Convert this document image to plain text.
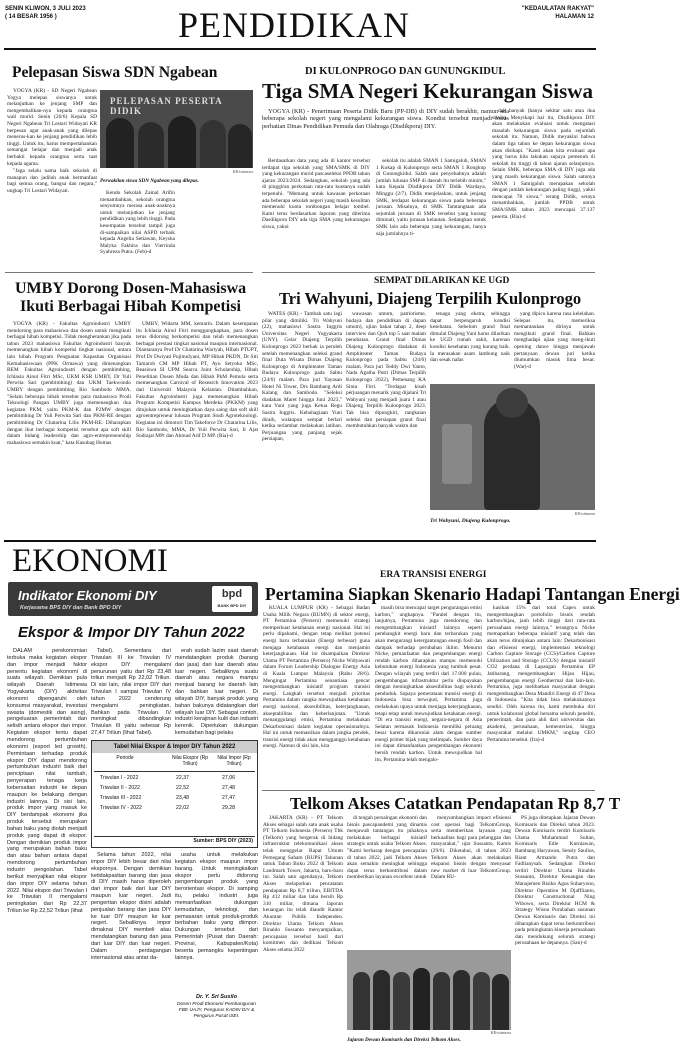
SENIN KLIWON, 3 JULI 2023
( 14 BESAR 1956 )	PENDIDIKAN	"KEDAULATAN RAKYAT"
HALAMAN 12
Pelepasan Siswa SDN Ngabean

YOGYA (KR) - SD Negeri Ngabean Yogya melepas siswanya untuk melanjutkan ke jenjang SMP dan mengembalikan-nya kepada orangtua wali murid. Senin (26/6) Kepala SD Negeri Ngabean Tri Lestari Widayati KR berpesan agar anak-anak yang dilepas menerus-kan ke jenjang pendidikan lebih tinggi. Untuk itu, harus mempertahankan semangat belajar dan menjadi anak berbakti kepada orangtua serta taat kepada agama.

"Jaga selalu nama baik sekolah di manapun dan jadilah anak bermanfaat bagi semua orang, bangsa dan negara," ungkap Tri Lestari Widayati.

PELEPASAN PESERTA DIDIK
KR-istimewa
Perwakilan siswa SDN Ngabean yang dilepas.

Kendo Sekolah Zainal Arifin menambahkan, sekolah orangtua senyumnya merasa anak-anaknya untuk melanjutkan ke jenjang pendidikan yang lebih tinggi. Pada kesempatan tersebut tampil juga di-sampaikan nilai ASPD terbaik kepada Angelia Setiawan, Keysha Malyka Fakhira dan Vierrinda Syahreza Putra. (Feb)-d

DI KULONPROGO DAN GUNUNGKIDUL
Tiga SMA Negeri Kekurangan Siswa

YOGYA (KR) - Penerimaan Peserta Didik Baru (PP-DB) di DIY sudah berakhir, namun ada beberapa sekolah negeri yang mengalami kekurangan siswa. Kondisi tersebut menjadi fokus perhatian Dinas Pendidikan Pemuda dan Olahraga (Disdikpora) DIY.

Berdasarkan data yang ada di kantor tersebut terdapat tiga sekolah yang SMA/SMK di DIY yang kekurangan murid pascaseleksi PPDB tahun ajaran 2023/2024. Sedangkan, sekolah yang ada di pinggiran perkotaan rata-rata kuotanya sudah terpenuhi. "Memang untuk kawasan perkotaan ada beberapa sekolah negeri yang masih kesulitan memenuhi kuota rombongan belajar tombel. Kami terus berdasarkan laporan yang diterima Dasdikpora DIY ada tiga SMA yang kekurangan siswa, yakni

sekolah itu adalah SMAN 1 Samigaluh, SMAN 1 Kokap di Kulonprogo serta SMAN 1 Rongkop di Gunungkidul. Salah satu penyebabnya adalah jumlah lulusan SMP di daerah itu terlebih minim," kata Kepala Disdikpora DIY Didik Wardaya, Minggu (2/7). Didik menjelaskan, untuk jenjang SMK, terdapat kekurangan siswa pada beberapa jurusan. Misalnya, di SMK Tamtangtaan ada sejumlah jurusan di SMK tersebut yang kurang diminati, yaitu jurusan kelautan. Sedangkan untuk SMK lain ada beberapa yang kekurangan, hanya saja jumlahnya ti-

dak banyak (hanya sekitar satu atau dua siswa). Menyikapi hal itu, Disdikpora DIY akan melakukan evaluasi untuk mengatasi masalah kekurangan siswa pada sejumlah sekolah itu. Namun, Didik meyakini bahwa dalam tiga tahun ke depan kekurangan siswa akan disikapi. "Kanti akan kita evaluasi apa yang harus kita lakukan supaya pemenuh di sekolah itu tinggi di tahun ajaran selanjutnya. Selain SMK, beberapa SMA di DIY juga ada yang masih kekurangan siswa. Salah satunya SMAN 1 Samigaluh merupakan sekolah dengan jumlah kekurangan paling tinggi, yakni mencapai 78 siswa," terang Didik, seraya menambahkan, jumlah PPDB untuk SMA/SMK tahun 2023 mencapai 37.137 peserta. (Ria)-d

UMBY Dorong Dosen-Mahasiswa
Ikuti Berbagai Hibah Kompetisi

YOGYA (KR) - Fakultas Agroindustri UMBY mendorong para mahasiswa dan dosen untuk mengikuti berbagai hibah kompetisi. Tidak mengherankan jika pada tahun 2023 mahasiswa Fakultas Agroindustri banyak memenangkan hibah kompetisi tingkat nasional, antara lain hibah Program Penguatan Kapasitas Organisasi Kemahasiswaan (PPK Ormawa) yang dimenangkan BEM Fakultas Agroindustri dengan pembimbing, Ichlasia Ainul Fitri MSc, UKM KSR UMBY, Dr Yuli Perwita Sari (pembimbing) dan UKM Taekwondo UMBY dengan pembimbing Rio Sambodo MMA. "Selain beberapa hibah tersebut para mahasiswa Prodi Teknologi Pangan UMBY juga memenangkan dua kegiatan PKM, yaitu PKM-K dan P2MW dengan pembimbing Dr Yuli Perwita Sari dan PKM-RE dengan pembimbing Dr Chatarina Lilis PKM-RE. Diharapkan dengan ikut berbagai kompetisi tersebut apa soft skill dalam bidang leadership dan agro-entrepreneurship mahasiswa semakin kuat," kata Kasubag Humas

UMBY, Widarta MM, kemarin. Dalam kesempatan itu Ichlasia Ainul Fitri menggungkapkan, para dosen terus didorong berkompetisi dan telah memenangkan berbagai prestasi tingkat nasional maupun internasional. Diantaranya Prof Dr Chatarina Wariyah, Hibah PTUPT, Prof Dr Dwiyati Pujimulyani, MP Hibah PKDN, Dr Siti Tamaroh CM MP Hibah PT, Ayu Setyoko MSc, Beasiswa SI UPM Searca Joint Scholarship, Hibah Penelitian Dosen Muda dan Hibah PkM Pemula serta memenangkan Carnival of Research Innovation 2023 dari Universiti Malaysia Kelantan. Ditambahkan, Fakultas Agroindustri juga memenangkan Hibah Program Kompetisi Kampus Merdeka (PKKM) yang ditujukan untuk meningkatkan daya saing dan soft skill agroentrepreneur lulusan Program Studi Agroteknologi. Kegiatan ini dimotori Tim Takeforce Dr Chatarina Lilis, Rio Sambodo, MMA, Dr Yuli Perwita Sari, Ir Ajat Sudrajat MPt dan Ahmad Arif D MP. (Ria)-d

SEMPAT DILARIKAN KE UGD
Tri Wahyuni, Diajeng Terpilih Kulonprogo

WATES (KR) - Tambah satu lagi pilar yang dimiliki. Tri Wahyuni (22), mahasiswi Sastra Inggris Universitas Negeri Yogyakarta (UNY). Gelar Diajeng Terpilih Kulonprogo 2023 berhak ia peroleh setelah memenangkan seleksi grand final Duta Wisata Dimas Diajeng Kulonprogo di Amphiteater Taman Budaya Kulonprogo pada Sabtu (24/6) malam. Para juri Yayasan Hotel Ni Tower, Drs Bambang Ardi Kalang dan Sambodo. "Seleksi diadakan Maret hingga Juni 2023," kata Yuni yang juga Ketua Regu Sastra Inggris. Kebahagiaan Yuni diraih, walaupun sempat berlari ketika terlambat melakukan latihan. Perjuangan yang panjang sejak persiapan,

wawasan umum, patriotisme, budaya dan pendidikan di dapan umum), ujian bakat tahap 2, deep interview dan QnA top 5 saat malam penobatan. Grand final Dimas Diajeng Kulonprogo diadakan di Amphiteater Taman Budaya Kulonprogo pada Sabtu (24/6) malam. Para juri Teddy Dwi Yanto, Nada Agatha Putri (Dimas Terpilih Kulonprogo 2022), Pemenang KA Sinta Fitri. "Terdapat kisah perjuangan menarik yang dijalani Tri Wahyuni yang menjadi juara 1 atau Diajeng Terpilih Kulonprogo 2023. Tak bisa dipungkiri, rangkaian seleksi dan persiapan grand final membutuhkan banyak waktu dan

tenaga yang ekstra, sehingga dapat berpengaruh kondisi kesehatan. Sebelum grand final dimulai Diajeng Yuni harus dilarikan ke UGD rumah sakit, karenan kondisi kesehatan yang kurang baik. Ia merasakan asam lambung naik dan sesak nafas

yang dipicu karena rasa kelelahan. Selepas itu, memeriksa memantaukan dirinya untuk mengikuti grand final. Bahkan menghadapi ujian yang meng-ikuti opening dance hingga menjawab pertanyaan dewan juri ketika diumumkan masuk lima besar. (War)-d

KR-istimewa
Tri Wahyuni, Diajeng Kulonprogo.
EKONOMI
Indikator Ekonomi DIY
Kerjasama BPS DIY dan Bank BPD DIY
bpd
BANK BPD DIY
Ekspor & Impor DIY Tahun 2022

DALAM perekonomian terbuka maka kegiatan ekspor dan impor menjadi faktor penentu kegiatan ekonomi di suatu wilayah. Demikian pula wilayah Daerah Istimewa Yogyakarta (DIY) aktivitas ekonomi dipengaruhi oleh konsumsi masyarakat, investasi swasta (domestik dan asing), pengeluaran pemerintah dan selisih antara ekspor dan impor. Kegiatan ekspor tentu dapat mendorong pertumbuhan ekonomi (export led growth). Permintaan terhadap produk ekspor DIY dapat mendorong pertumbuhan industri baik dari penciptaan nilai tambah, penyerapan tenaga kerja kebersaitan industri ke depan maupun ke belakang dengan industri lainnya. Di sisi lain, produk impor yang masuk ke DIY berdampak ekonomi jika produk tersebut merupakan bahan baku yang diolah menjadi produk yang dapat di ekspor. Dengan demikian produk impor yang merupakan bahan baku dan atau bahan antara dapat mendorong pertumbuhan industri pengolahan. Tabel berikut menyajikan nilai ekspor dan impor DIY selama tahun 2022. Nilai ekspor dari Triwulan I ke Triwulan II mengalami peningkatan dari Rp 22,37 Triliun ke Rp 22,52 Triliun (lihat

Tabel). Sementara dari Triwulan III ke Triwulan IV ekspor DIY mengalami penurunan yaitu dari Rp 23,48 triliun menjadi Rp 22,02 Triliun. Di sisi lain, nilai impor DIY dari Triwulan I sampai Triwulan IV tahun 2022 cenderung mengalami peningkatan. Bahkan pada Triwulan IV meningkat dibandingkan Triwulan III yaitu sebesar Rp 27,47 Triliun (lihat Tabel).

erah sudah lazim saat daerah mendatangkan produk (barang dan jasa) dari luar daerah atau luar negeri. Sebaliknya suatu daerah atau negara mampu menjual barang ke daerah lain dan bahkan luar negeri. Di wilayah DIY, banyak produk yang bahan bakunya didatangkan dari wilayah luar DIY. Sebagai contoh, industri kerajinan kulit dan industri kerenik. Diperlukan dukungan kemudahan bagi pelaku

Tabel Nilai Ekspor & Impor DIY Tahun 2022
Periode	Nilai Ekspor (Rp Triliun)
Nilai Impor (Rp Triliun)
Triwulan I - 2022	22,37	27,06
Triwulan II - 2022	22,52	27,48
Triwulan III - 2022	23,48	27,47
Triwulan IV - 2022	22,02	29,28
Sumber: BPS DIY (2023)

Selama tahun 2022, nilai impor DIY lebih besar dari nilai ekspornya. Dengan demikian ketidakpastian barang dan jasa di DIY masih harus diperoleh dari impor baik dari luar DIY maupun luar negeri. Jadi pengertian ekspor disini adalah penjualan barang dan jasa DIY ke luar DIY maupun ke luar negeri. Sebaliknya impor dimaknai DIY membeli atau mendatangkan barang dan jasa dari luar DIY dan luar negeri. Dalam perdagangan internasional atau antar da-

usaha untuk melakukan kegiatan ekspor maupun impor barang. Untuk meningkatkan ekspor perlu didorong pengembangan produk yang berorientasi ekspor. Di samping itu, pelaku industri juga memanfaatkan dukungan kemudahan, teknologi, dan pemasaran untuk produk-produk berbahan baku yang diimpor. Dukungan tersebut dari Pemerintah (Pusat dan Daerah: Provinsi, Kabupaten/Kota) beserta pemangku kepentingan lainnya.

Dr. Y. Sri Susilo
Dosen Prodi Ekonomi Pembangunan FBE UAJY, Pengurus KADIN DIY & Pengurus Pusat ISEI.
ERA TRANSISI ENERGI
Pertamina Siapkan Skenario Hadapi Tantangan Energi

KUALA LUMPUR (KR) - Sebagai Badan Usaha Milik Negara (BUMN) di sektor energi, PT Pertamina (Persero) memenuhi strategi memperkuat ketahanan energi nasional. Hal ini perlu dipahami, dengan tetap melihat potensi energi baru terbarukan (Energi terbesar) guna menjaga ketahanan energi dan menjamin keterjangkauan. Hal ini disampaikan Direktur Utama PT Pertamina (Persero) Nicke Widyawati dalam Forum Leadership Dialogue Energy Asia di Kuala Lumpur Malaysia (Rabu 28/6). Mengingat Pertamina senantiasa gencar mengembangkan inisiatif program transisi energi. Langkah tersebut menjadi prioritas Pertamina dalam rangka mewujudkan ketahanan energi nasional, aksesibilitas, keterjangkauan, akseptabilitas dan keberlanjutan. "Untuk menanggulangi emisi, Pertamina melakukan Dekarbonisasi dalam kegiatan operasionalnya. Hal ini untuk memastikan dalam jangka pendek, transisi energi tidak akan mengganggu ketahanan energi. Namun di sisi lain, kita

masih bisa mencapai target pengurangan emisi karbon," ungkapnya. "Paralel dengan itu, lanjutnya, Pertamina juga mendorong dan mengembangkan inisiatif lainnya seperti pembangkit energi baru dan terbarukan yang akan mengurangi ketergantungan energi fosil dan dampak terhadap perubahan iklim. Menurut Nicke, pemanfaatan dan pengembangan energi rendah karbon diharapkan mampu memenuhi kebutuhan energi Indonesia yang tumbuh pesat. Dengan wilayah yang terdiri dari 17.000 pulau, pengembangan infrastruktur perlu diupayakan dengan meningkatkan aksesibilitas bagi seluruh penduduk. Supaya pemerataan transisi energi di Indonesia bisa terwujud, Pertamina juga melakukan upaya untuk menjaga keterjangkauan, tetapi tetap untuk mewujudkan ketahanan energi. "Di era transisi energi, negara-negara di Asia Selatan termasuk Indonesia memiliki peluang besar karena dikaruniai alam dengan sumber energi primer bijak yang melimpah. Sumber daya ini dapat dimanfaatkan pengembangan ekonomi bersih rendah karbon. Untuk mewujudkan hal itu, Pertamina telah mengalo-

kasikan 15% dari total Capex untuk mengembangkan portofolio bisnis rendah karbon/hijau, jauh lebih tinggi dari rata-rata perusahaan energi lainnya," terangnya. Nicke memaparkan beberapa inisiatif yang telah dan akan terus ditunjukan antara lain: Dekarbonisasi dan efisiensi energi, implementasi teknologi Carbon Capture Storage (CCS)/Carbon Capture Utilization and Storage (CCUS) dengan inisiatif CO2 perdana di Lapangan Pertamina EP Jatibarang, mengembangkan Hijau Hijau, pengembangan energi Geothermal dan lain-lain. Pertamina, juga melibatkan masyarakat dengan mengembangkan Desa Mandiri Energi di 47 Desa di Indonesia. "Kita tidak bisa melakukannya sendiri. Oleh karena itu, kami membuka diri untuk kolaborasi global bersama seluruh peneliti, pemerintah, dan para ahli dari universitas dan akademi, perusahaan, kementerian, hingga masyarakat melalui UMKM," ungkap CEO Pertamina tersebut. (Ira)-d

Telkom Akses Catatkan Pendapatan Rp 8,7 T

JAKARTA (KR) - PT Telkom Akses sebagai salah satu anak usaha PT Telkom Indonesia (Persero) Tbk (Telkom) yang bergerak di bidang infrastruktur telekomunikasi akses telah menggelar Rapat Umum Pemegang Saham (RUPS) Tahunan untuk Tahun Buku 2022 di Telkom Landmark Tower, Jakarta, baru-baru ini. Salah satu agendanya, Telkom Akses melaporkan pencatatan pendapatan Rp 8,7 triliun, EBITDA Rp 412 miliar dan laba bersih Rp 310 miliar, dimana laporan keuangan itu telah diaudit Kantor Akuntan Publik Independen. Direktur Utama Telkom Akses Rinaldo Sussanto menyampaikan, pencapaian tersebut hasil dari komitmen dan dedikasi Telkom Akses selama 2022

di tengah persaingan ekonomi dan bisnis pascapandemi yang dinamis menjawab tantangan itu pihaknya melakukan berbagai inisiatif strategis untuk usaha Telkom Akses. "Kami berharap dengan pencapaian di tahun 2022, jadi Telkom Akses akan semakin meningkat sehingga dapat terus berkontribusi dalam memberikan layanan excellent untuk

menyumbangkan impact efisiensi cost operasi bagi TelkomGroup, serta memberikan layanan yang berkualitas bagi para pelanggan dan masyarakat," ujar Sussanto, Kamis (29/6). Diketahui, di tahun 2023 Telkom Akses akan melakukan ekspansi bisnis dengan menyasar new market di luar TelkomGroup. Dalam RU-

PS juga ditetapkan Jajaran Dewan Komisaris dan Direksi tahun 2023. Dewan Komisaris terdiri Komisaris Utama Muhammad Sultan, Komisaris Edie Kurniawan, Bambang Haryawan, Sensly Saulius, Riant Armando Putra dan Fadlianysah. Sedangkan Direksi terdiri Direktur Utama Rinaldo Sussanto, Direktur Keuangan dan Manajemen Risiko Agus Suharyono, Direktur Operation M Djaffiianto, Direktur Constructional Ning Wibowo, serta Direktur HCM & Strategy Wisnu Purubahan susunan Dewan Komisaris dan Direksi ini diharapkan dapat terus berkontribusi pada peningkatan kinerja perusahaan dan mendukung seluruh strategi perusahaan ke depannya. (San)-d

KR-istimewa
Jajaran Dewan Komisaris dan Direksi Telkom Akses.
